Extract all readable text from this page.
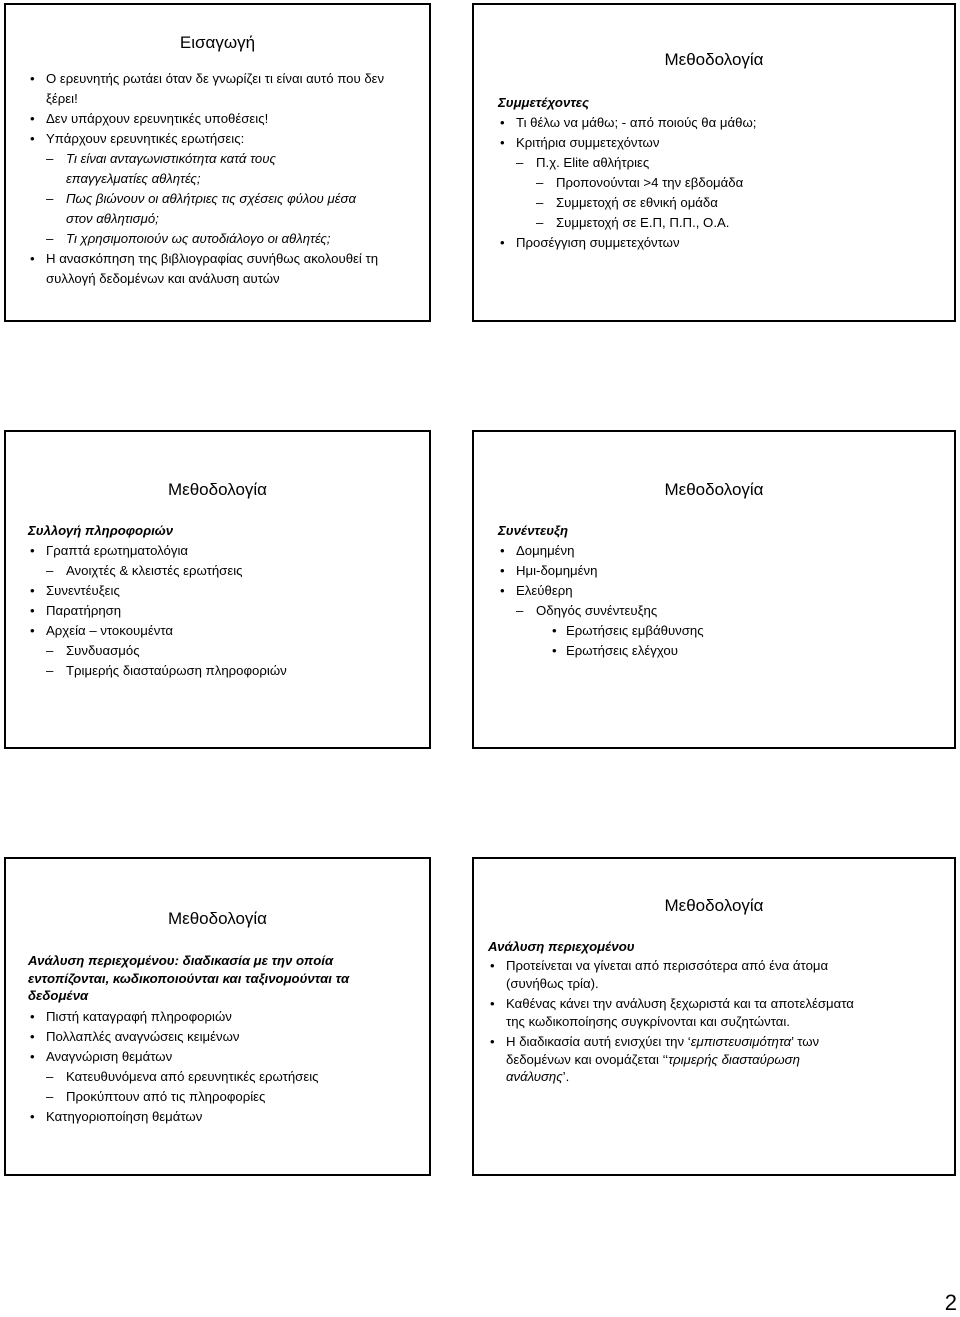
Εισαγωγή
• Ο ερευνητής ρωτάει όταν δε γνωρίζει τι είναι αυτό που δεν ξέρει!
• Δεν υπάρχουν ερευνητικές υποθέσεις!
• Υπάρχουν ερευνητικές ερωτήσεις:
– Τι είναι ανταγωνιστικότητα κατά τους επαγγελματίες αθλητές;
– Πως βιώνουν οι αθλήτριες τις σχέσεις φύλου μέσα στον αθλητισμό;
– Τι χρησιμοποιούν ως αυτοδιάλογο οι αθλητές;
• Η ανασκόπηση της βιβλιογραφίας συνήθως ακολουθεί τη συλλογή δεδομένων και ανάλυση αυτών
Μεθοδολογία
Συμμετέχοντες
• Τι θέλω να μάθω; - από ποιούς θα μάθω;
• Κριτήρια συμμετεχόντων
– Π.χ. Elite αθλήτριες
– Προπονούνται >4 την εβδομάδα
– Συμμετοχή σε εθνική ομάδα
– Συμμετοχή σε Ε.Π, Π.Π., Ο.Α.
• Προσέγγιση συμμετεχόντων
Μεθοδολογία
Συλλογή πληροφοριών
• Γραπτά ερωτηματολόγια
– Ανοιχτές & κλειστές ερωτήσεις
• Συνεντέυξεις
• Παρατήρηση
• Αρχεία – ντοκουμέντα
– Συνδυασμός
– Τριμερής διασταύρωση πληροφοριών
Μεθοδολογία
Συνέντευξη
• Δομημένη
• Ημι-δομημένη
• Ελεύθερη
– Οδηγός συνέντευξης
• Ερωτήσεις εμβάθυνσης
• Ερωτήσεις ελέγχου
Μεθοδολογία
Ανάλυση περιεχομένου: διαδικασία με την οποία εντοπίζονται, κωδικοποιούνται και ταξινομούνται τα δεδομένα
• Πιστή καταγραφή πληροφοριών
• Πολλαπλές αναγνώσεις κειμένων
• Αναγνώριση θεμάτων
– Κατευθυνόμενα από ερευνητικές ερωτήσεις
– Προκύπτουν από τις πληροφορίες
• Κατηγοριοποίηση θεμάτων
Μεθοδολογία
Ανάλυση περιεχομένου
• Προτείνεται να γίνεται από περισσότερα από ένα άτομα (συνήθως τρία).
• Καθένας κάνει την ανάλυση ξεχωριστά και τα αποτελέσματα της κωδικοποίησης συγκρίνονται και συζητώνται.
• Η διαδικασία αυτή ενισχύει την ‘εμπιστευσιμότητα’ των δεδομένων και ονομάζεται ‘‘τριμερής διασταύρωση ανάλυσης’.
2
